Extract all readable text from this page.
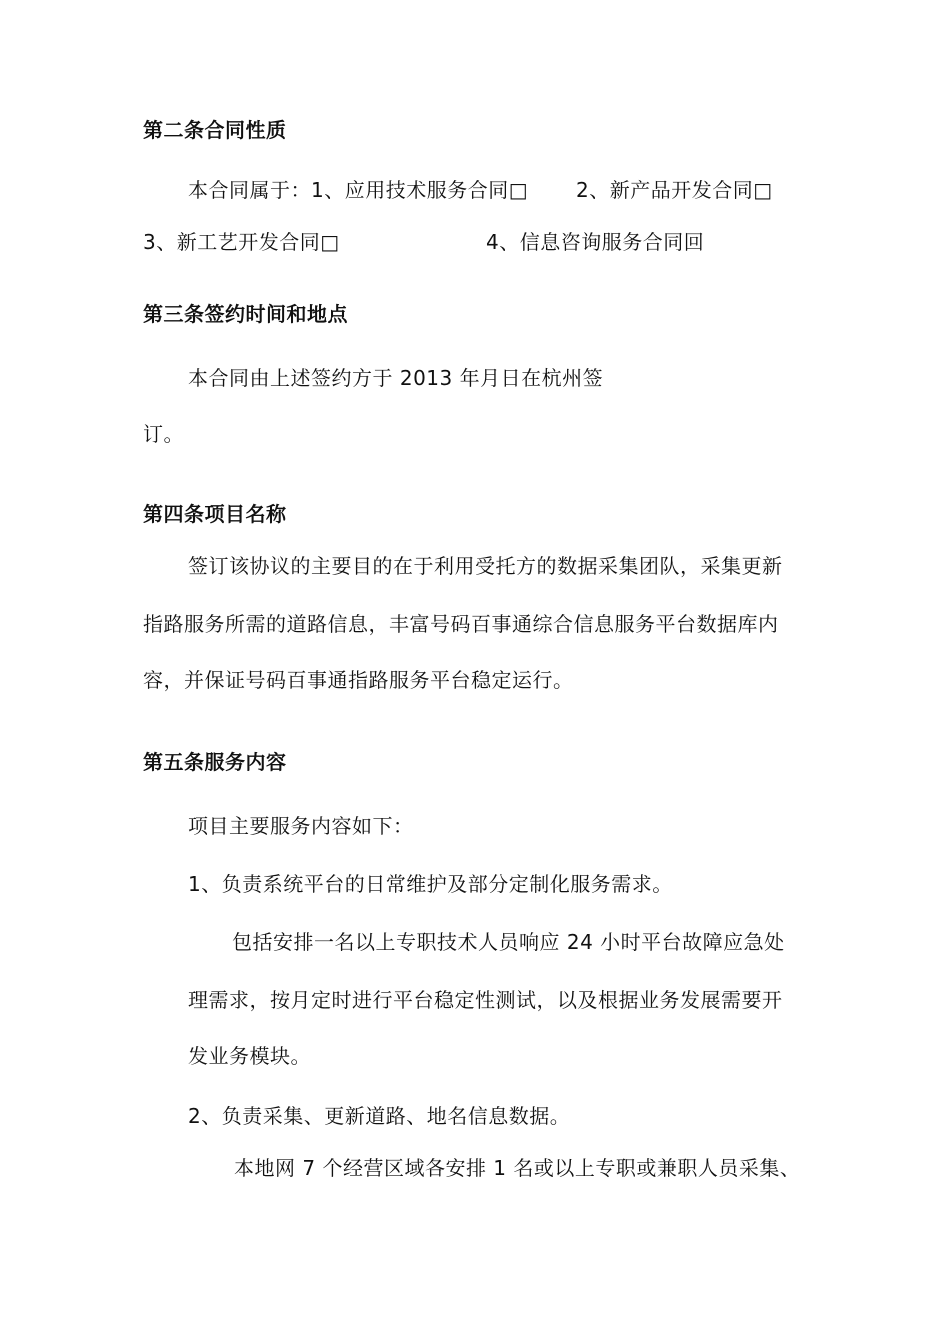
第二条合同性质
本合同属于：1、应用技术服务合同□ 2、新产品开发合同□
3、新工艺开发合同□	4、信息咨询服务合同回
第三条签约时间和地点
本合同由上述签约方于 2013 年月日在杭州签
订。
第四条项目名称
签订该协议的主要目的在于利用受托方的数据采集团队，采集更新
指路服务所需的道路信息，丰富号码百事通综合信息服务平台数据库内
容，并保证号码百事通指路服务平台稳定运行。
第五条服务内容
项目主要服务内容如下：
1、负责系统平台的日常维护及部分定制化服务需求。
包括安排一名以上专职技术人员响应 24 小时平台故障应急处
理需求，按月定时进行平台稳定性测试，以及根据业务发展需要开
发业务模块。
2、负责采集、更新道路、地名信息数据。
本地网 7 个经营区域各安排 1 名或以上专职或兼职人员采集、
